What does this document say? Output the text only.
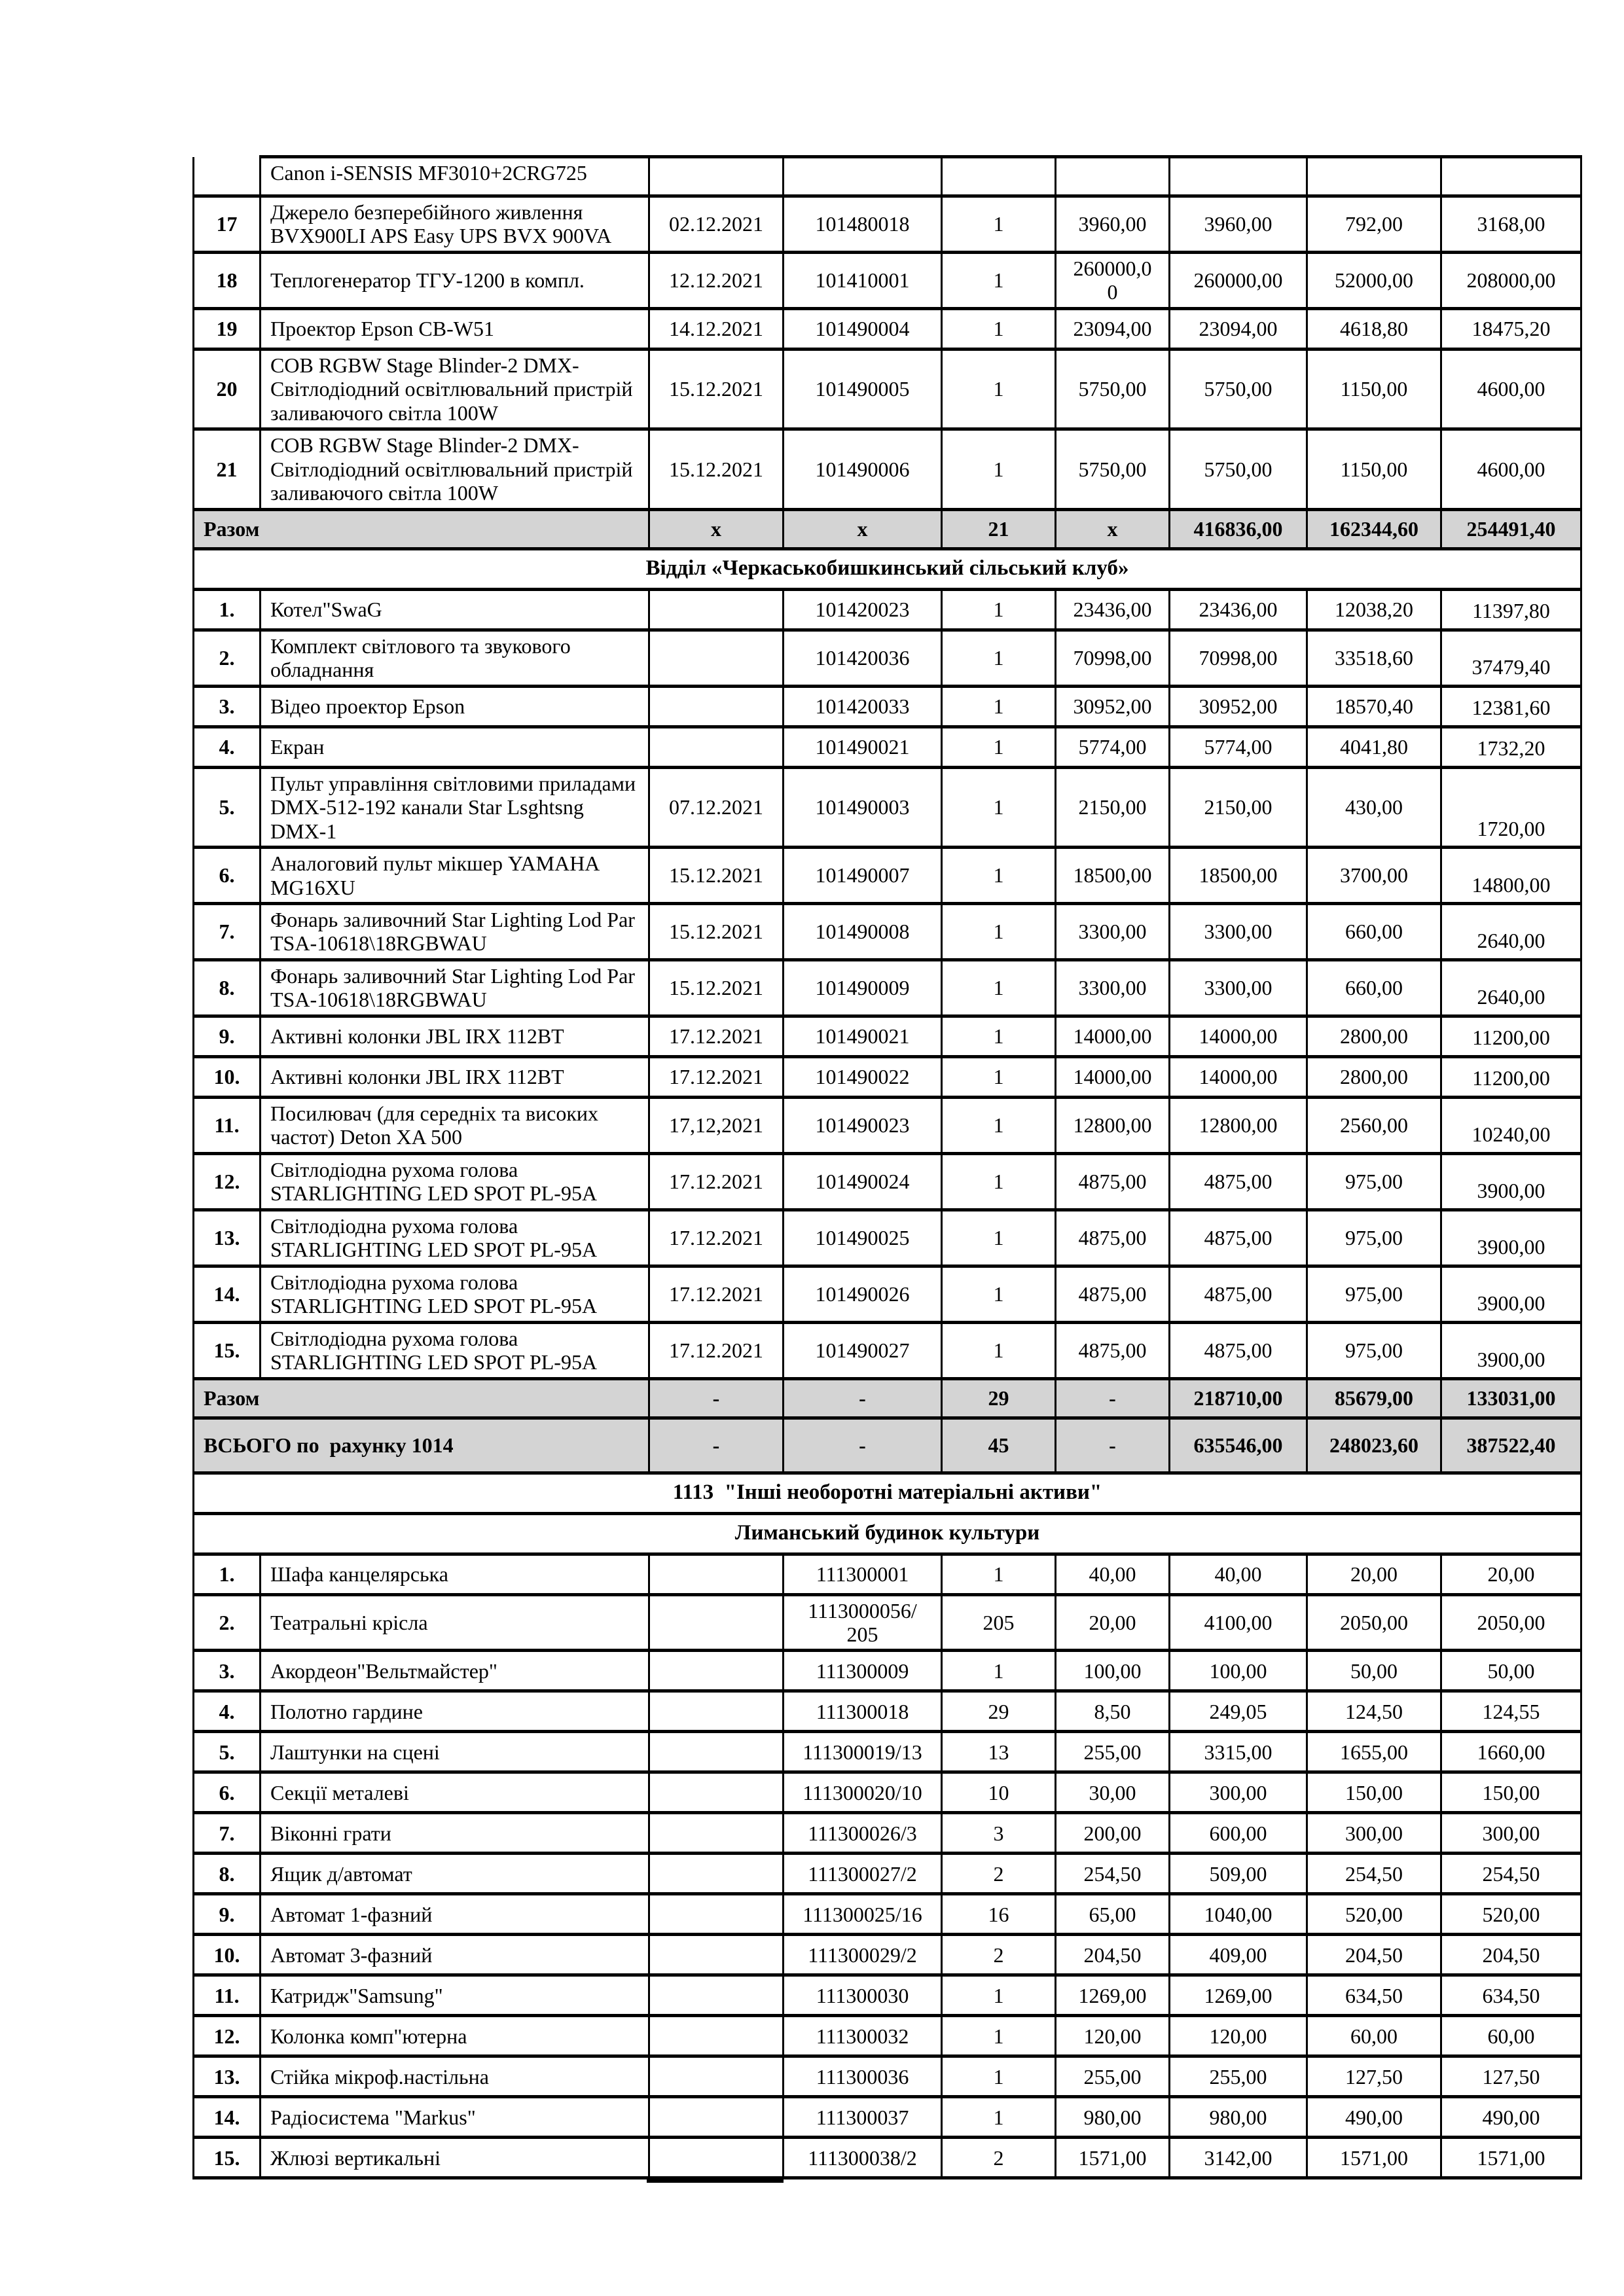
	Canon i-SENSIS MF3010+2CRG725							
17	Джерело безперебійного живлення BVX900LI APS Easy UPS BVX 900VA	02.12.2021	101480018	1	3960,00	3960,00	792,00	3168,00
18	Теплогенератор ТГУ-1200 в компл.	12.12.2021	101410001	1	260000,00	260000,00	52000,00	208000,00
19	Проектор Epson CB-W51	14.12.2021	101490004	1	23094,00	23094,00	4618,80	18475,20
20	COB RGBW Stage Blinder-2 DMX-Світлодіодний освітлювальний пристрій заливаючого світла 100W	15.12.2021	101490005	1	5750,00	5750,00	1150,00	4600,00
21	COB RGBW Stage Blinder-2 DMX-Світлодіодний освітлювальний пристрій заливаючого світла 100W	15.12.2021	101490006	1	5750,00	5750,00	1150,00	4600,00
Разом		x	x	21	x	416836,00	162344,60	254491,40
Відділ «Черкаськобишкинський сільський клуб»								
1.	Котел"SwaG		101420023	1	23436,00	23436,00	12038,20	11397,80
2.	Комплект світлового та звукового обладнання		101420036	1	70998,00	70998,00	33518,60	37479,40
3.	Відео проектор Epson		101420033	1	30952,00	30952,00	18570,40	12381,60
4.	Екран		101490021	1	5774,00	5774,00	4041,80	1732,20
5.	Пульт управління світловими приладами DMX-512-192 канали Star Lsghtsng DMX-1	07.12.2021	101490003	1	2150,00	2150,00	430,00	1720,00
6.	Аналоговий пульт мікшер YAMAHA MG16XU	15.12.2021	101490007	1	18500,00	18500,00	3700,00	14800,00
7.	Фонарь заливочний Star Lighting Lod Par TSA-10618\18RGBWAU	15.12.2021	101490008	1	3300,00	3300,00	660,00	2640,00
8.	Фонарь заливочний Star Lighting Lod Par TSA-10618\18RGBWAU	15.12.2021	101490009	1	3300,00	3300,00	660,00	2640,00
9.	Активні колонки JBL IRX 112BT	17.12.2021	101490021	1	14000,00	14000,00	2800,00	11200,00
10.	Активні колонки JBL IRX 112BT	17.12.2021	101490022	1	14000,00	14000,00	2800,00	11200,00
11.	Посилювач (для середніх та високих частот) Deton XA 500	17,12,2021	101490023	1	12800,00	12800,00	2560,00	10240,00
12.	Світлодіодна рухома голова STARLIGHTING LED SPOT PL-95A	17.12.2021	101490024	1	4875,00	4875,00	975,00	3900,00
13.	Світлодіодна рухома голова STARLIGHTING LED SPOT PL-95A	17.12.2021	101490025	1	4875,00	4875,00	975,00	3900,00
14.	Світлодіодна рухома голова STARLIGHTING LED SPOT PL-95A	17.12.2021	101490026	1	4875,00	4875,00	975,00	3900,00
15.	Світлодіодна рухома голова STARLIGHTING LED SPOT PL-95A	17.12.2021	101490027	1	4875,00	4875,00	975,00	3900,00
Разом		-	-	29	-	218710,00	85679,00	133031,00
ВСЬОГО по  рахунку 1014		-	-	45	-	635546,00	248023,60	387522,40
1113  "Інші необоротні матеріальні активи"								
Лиманський будинок культури								
1.	Шафа канцелярська		111300001	1	40,00	40,00	20,00	20,00
2.	Театральні крісла		1113000056/205	205	20,00	4100,00	2050,00	2050,00
3.	Акордеон"Вельтмайстер"		111300009	1	100,00	100,00	50,00	50,00
4.	Полотно гардине		111300018	29	8,50	249,05	124,50	124,55
5.	Лаштунки на сцені		111300019/13	13	255,00	3315,00	1655,00	1660,00
6.	Секції металеві		111300020/10	10	30,00	300,00	150,00	150,00
7.	Віконні грати		111300026/3	3	200,00	600,00	300,00	300,00
8.	Ящик д/автомат		111300027/2	2	254,50	509,00	254,50	254,50
9.	Автомат 1-фазний		111300025/16	16	65,00	1040,00	520,00	520,00
10.	Автомат 3-фазний		111300029/2	2	204,50	409,00	204,50	204,50
11.	Катридж"Samsung"		111300030	1	1269,00	1269,00	634,50	634,50
12.	Колонка комп"ютерна		111300032	1	120,00	120,00	60,00	60,00
13.	Стійка мікроф.настільна		111300036	1	255,00	255,00	127,50	127,50
14.	Радіосистема "Markus"		111300037	1	980,00	980,00	490,00	490,00
15.	Жлюзі вертикальні		111300038/2	2	1571,00	3142,00	1571,00	1571,00
